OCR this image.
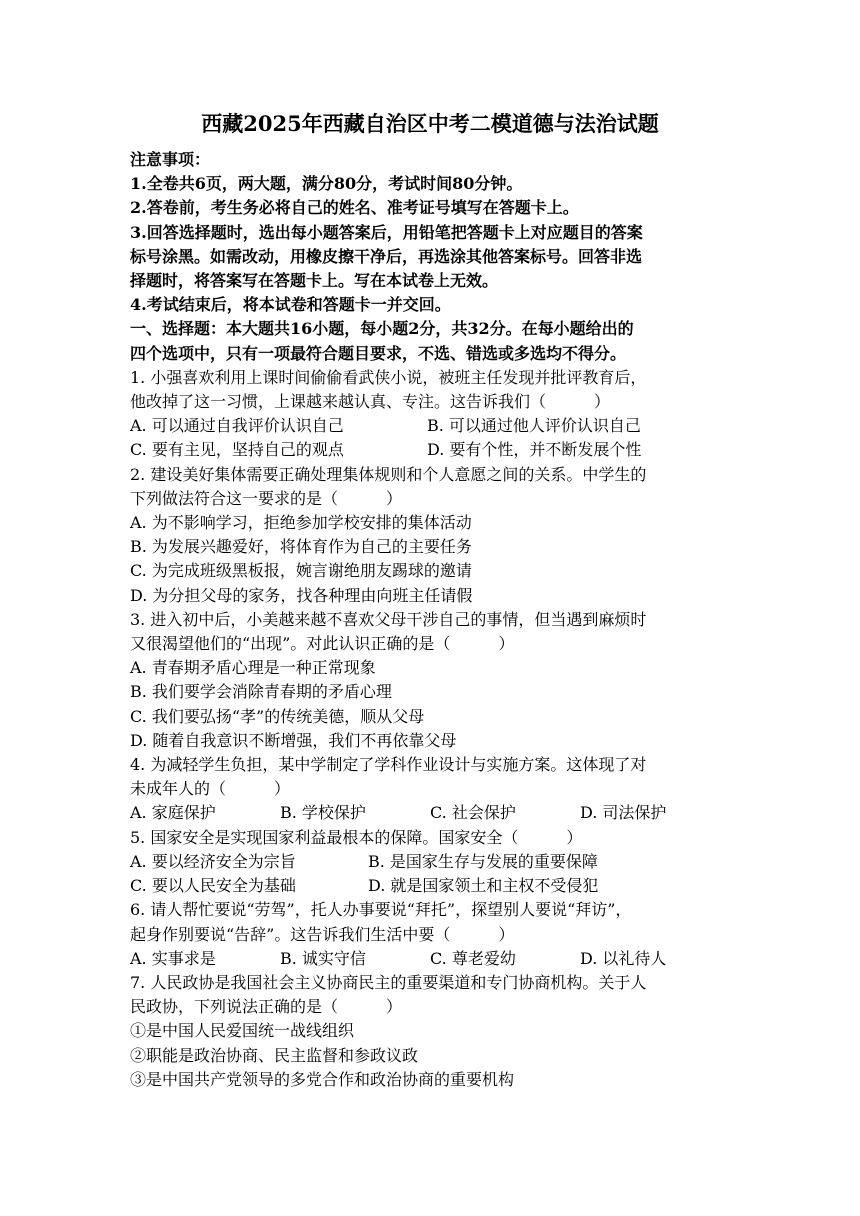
西藏2025年西藏自治区中考二模道德与法治试题
注意事项：
1.全卷共6页，两大题，满分80分，考试时间80分钟。
2.答卷前，考生务必将自己的姓名、准考证号填写在答题卡上。
3.回答选择题时，选出每小题答案后，用铅笔把答题卡上对应题目的答案
标号涂黑。如需改动，用橡皮擦干净后，再选涂其他答案标号。回答非选
择题时，将答案写在答题卡上。写在本试卷上无效。
4.考试结束后，将本试卷和答题卡一并交回。
一、选择题：本大题共16小题，每小题2分，共32分。在每小题给出的
四个选项中，只有一项最符合题目要求，不选、错选或多选均不得分。
1. 小强喜欢利用上课时间偷偷看武侠小说，被班主任发现并批评教育后，
他改掉了这一习惯，上课越来越认真、专注。这告诉我们（　　　）
A. 可以通过自我评价认识自己	B. 可以通过他人评价认识自己
C. 要有主见，坚持自己的观点	D. 要有个性，并不断发展个性
2. 建设美好集体需要正确处理集体规则和个人意愿之间的关系。中学生的
下列做法符合这一要求的是（　　　）
A. 为不影响学习，拒绝参加学校安排的集体活动
B. 为发展兴趣爱好，将体育作为自己的主要任务
C. 为完成班级黑板报，婉言谢绝朋友踢球的邀请
D. 为分担父母的家务，找各种理由向班主任请假
3. 进入初中后，小美越来越不喜欢父母干涉自己的事情，但当遇到麻烦时
又很渴望他们的“出现”。对此认识正确的是（　　　）
A. 青春期矛盾心理是一种正常现象
B. 我们要学会消除青春期的矛盾心理
C. 我们要弘扬“孝”的传统美德，顺从父母
D. 随着自我意识不断增强，我们不再依靠父母
4. 为减轻学生负担，某中学制定了学科作业设计与实施方案。这体现了对
未成年人的（　　　）
A. 家庭保护	B. 学校保护	C. 社会保护	D. 司法保护
5. 国家安全是实现国家利益最根本的保障。国家安全（　　　）
A. 要以经济安全为宗旨	B. 是国家生存与发展的重要保障
C. 要以人民安全为基础	D. 就是国家领土和主权不受侵犯
6. 请人帮忙要说“劳驾”，托人办事要说“拜托”，探望别人要说“拜访”，
起身作别要说“告辞”。这告诉我们生活中要（　　　）
A. 实事求是	B. 诚实守信	C. 尊老爱幼	D. 以礼待人
7. 人民政协是我国社会主义协商民主的重要渠道和专门协商机构。关于人
民政协，下列说法正确的是（　　　）
①是中国人民爱国统一战线组织
②职能是政治协商、民主监督和参政议政
③是中国共产党领导的多党合作和政治协商的重要机构
